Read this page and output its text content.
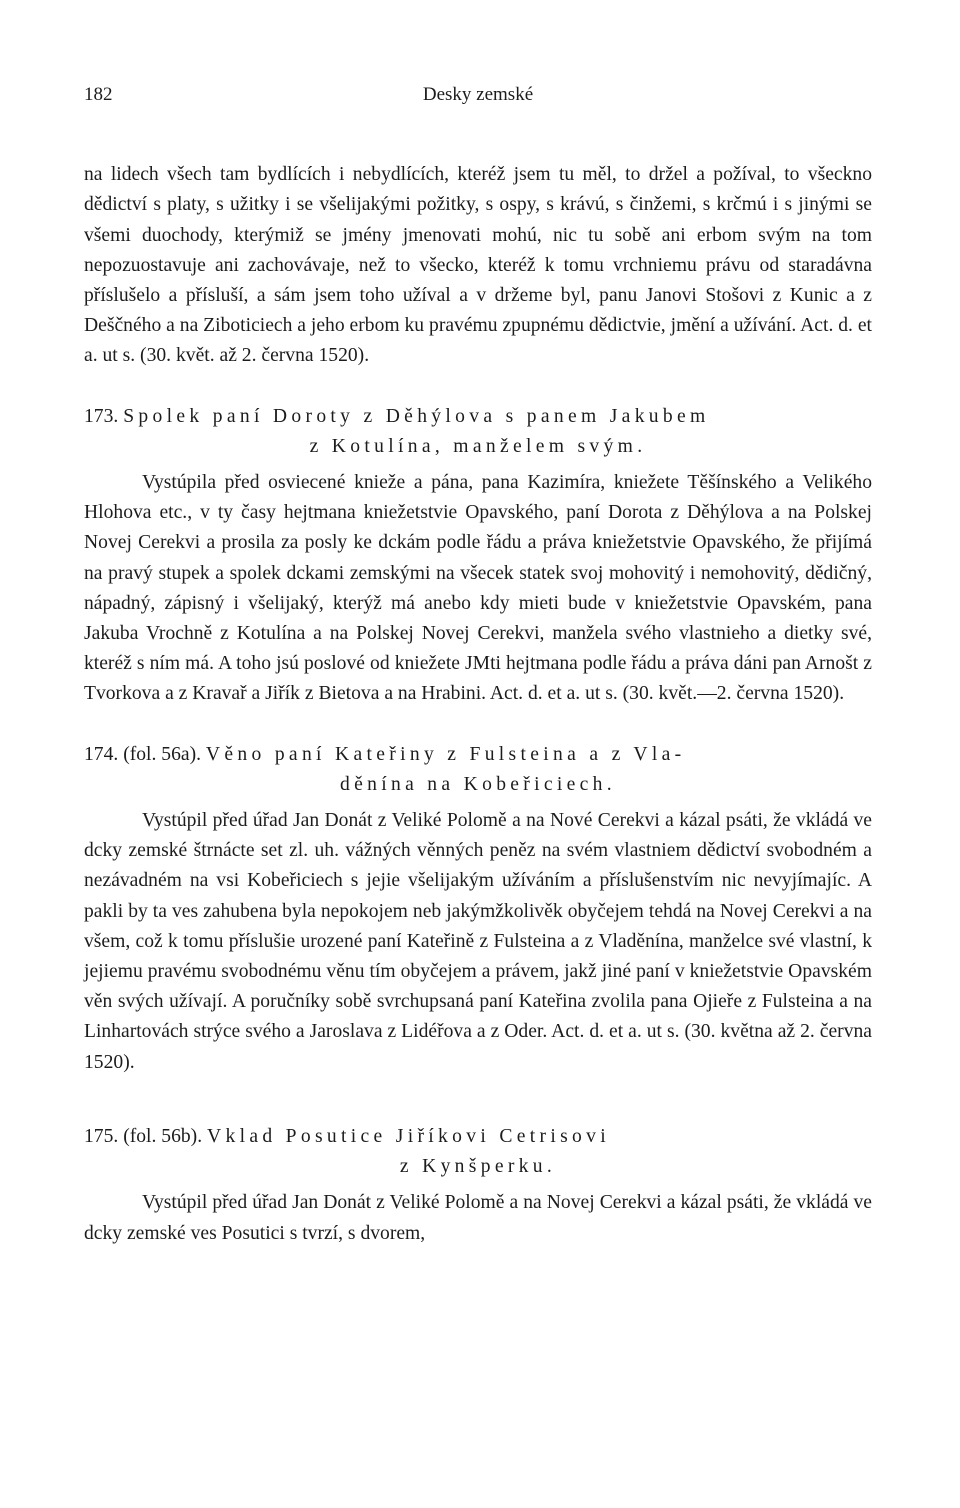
182	Desky zemské

na lidech všech tam bydlících i nebydlících, kteréž jsem tu měl, to držel a požíval, to všeckno dědictví s platy, s užitky i se všelijakými požitky, s ospy, s krávú, s činžemi, s krčmú i s jinými se všemi duochody, kterýmiž se jmény jmenovati mohú, nic tu sobě ani erbom svým na tom nepozuostavuje ani zachovávaje, než to všecko, kteréž k tomu vrchniemu právu od staradávna příslušelo a přísluší, a sám jsem toho užíval a v držeme byl, panu Janovi Stošovi z Kunic a z Deščného a na Ziboticiech a jeho erbom ku pravému zpupnému dědictvie, jmění a užívání. Act. d. et a. ut s. (30. květ. až 2. června 1520).

173. Spolek paní Doroty z Děhýlova s panem Jakubem

z Kotulína, manželem svým.

Vystúpila před osviecené knieže a pána, pana Kazimíra, kniežete Těšínského a Velikého Hlohova etc., v ty časy hejtmana kniežetstvie Opavského, paní Dorota z Děhýlova a na Polskej Novej Cerekvi a prosila za posly ke dckám podle řádu a práva kniežetstvie Opavského, že přijímá na pravý stupek a spolek dckami zemskými na všecek statek svoj mohovitý i nemohovitý, dědičný, nápadný, zápisný i všelijaký, kterýž má anebo kdy mieti bude v kniežetstvie Opavském, pana Jakuba Vrochně z Kotulína a na Polskej Novej Cerekvi, manžela svého vlastnieho a dietky své, kteréž s ním má. A toho jsú poslové od kniežete JMti hejtmana podle řádu a práva dáni pan Arnošt z Tvorkova a z Kravař a Jiřík z Bietova a na Hrabini. Act. d. et a. ut s. (30. květ.—2. června 1520).

174. (fol. 56a). Věno paní Kateřiny z Fulsteina a z Vla-

děnína na Kobeřiciech.

Vystúpil před úřad Jan Donát z Veliké Polomě a na Nové Cerekvi a kázal psáti, že vkládá ve dcky zemské štrnácte set zl. uh. vážných věnných peněz na svém vlastniem dědictví svobodném a nezávadném na vsi Kobeřiciech s jejie všelijakým užíváním a příslušenstvím nic nevyjímajíc. A pakli by ta ves zahubena byla nepokojem neb jakýmžkolivěk obyčejem tehdá na Novej Cerekvi a na všem, což k tomu příslušie urozené paní Kateřině z Fulsteina a z Vladěnína, manželce své vlastní, k jejiemu pravému svobodnému věnu tím obyčejem a právem, jakž jiné paní v kniežetstvie Opavském věn svých užívají. A poručníky sobě svrchupsaná paní Kateřina zvolila pana Ojieře z Fulsteina a na Linhartovách strýce svého a Jaroslava z Lidéřova a z Oder. Act. d. et a. ut s. (30. května až 2. června 1520).

175. (fol. 56b). Vklad Posutice Jiříkovi Cetrisovi

z Kynšperku.

Vystúpil před úřad Jan Donát z Veliké Polomě a na Novej Cerekvi a kázal psáti, že vkládá ve dcky zemské ves Posutici s tvrzí, s dvorem,
